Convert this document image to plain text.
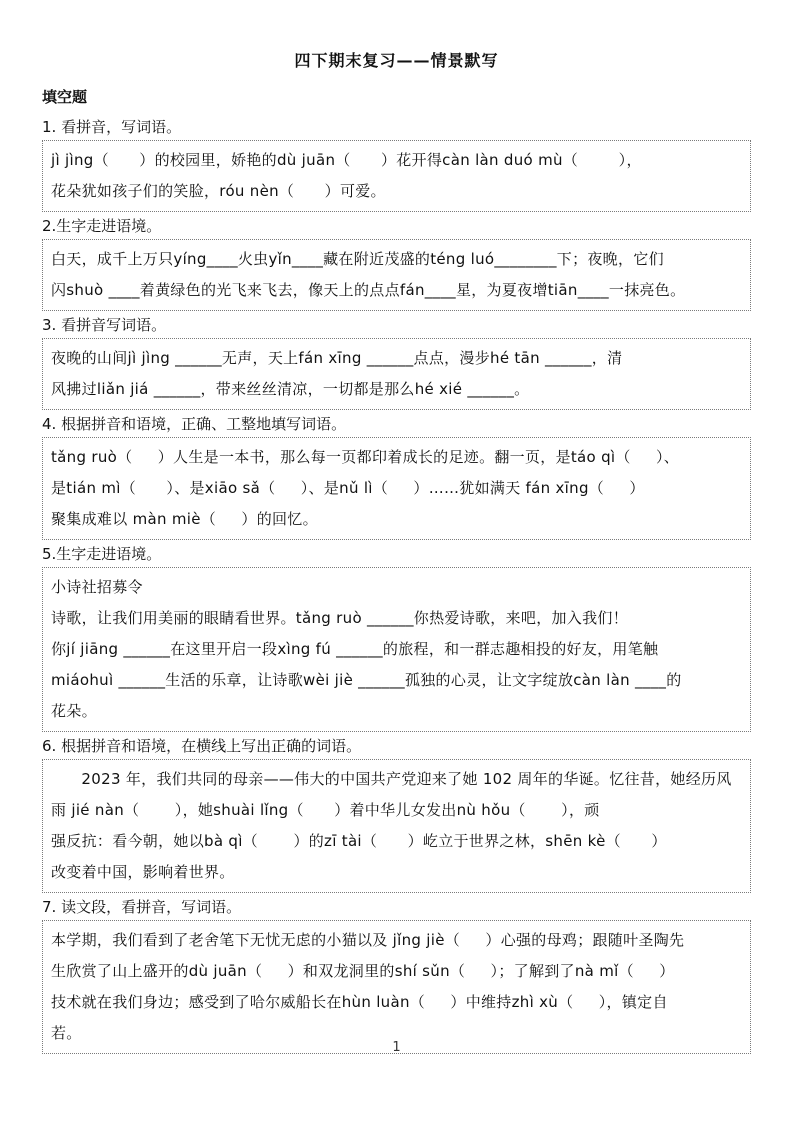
四下期末复习——情景默写
填空题
1. 看拼音，写词语。
jì jìng（      ）的校园里，娇艳的dù juān（      ）花开得càn làn duó mù（        ），
花朵犹如孩子们的笑脸，róu nèn（      ）可爱。
2.生字走进语境。
白天，成千上万只yíng____火虫yǐn____藏在附近茂盛的téng luó________下；夜晚，它们
闪shuò ____着黄绿色的光飞来飞去，像天上的点点fán____星，为夏夜增tiān____一抹亮色。
3. 看拼音写词语。
夜晚的山间jì jìng ______无声，天上fán xīng ______点点，漫步hé tān ______，清
风拂过liǎn jiá ______，带来丝丝清凉，一切都是那么hé xié ______。
4. 根据拼音和语境，正确、工整地填写词语。
tǎng ruò（     ）人生是一本书，那么每一页都印着成长的足迹。翻一页，是táo qì（     ）、
是tián mì（      ）、是xiāo sǎ（     ）、是nǔ lì（     ）……犹如满天 fán xīng（     ）
聚集成难以 màn miè（     ）的回忆。
5.生字走进语境。
小诗社招募令
诗歌，让我们用美丽的眼睛看世界。tǎng ruò ______你热爱诗歌，来吧，加入我们！
你jí jiāng ______在这里开启一段xìng fú ______的旅程，和一群志趣相投的好友，用笔触
miáohuì ______生活的乐章，让诗歌wèi jiè ______孤独的心灵，让文字绽放càn làn ____的
花朵。
6. 根据拼音和语境，在横线上写出正确的词语。
2023 年，我们共同的母亲——伟大的中国共产党迎来了她 102 周年的华诞。忆往昔，她经历风
雨 jié nàn（       ），她shuài lǐng（      ）着中华儿女发出nù hǒu（       ），顽
强反抗：看今朝，她以bà qì（       ）的zī tài（      ）屹立于世界之林，shēn kè（      ）
改变着中国，影响着世界。
7. 读文段，看拼音，写词语。
本学期，我们看到了老舍笔下无忧无虑的小猫以及 jǐng jiè（     ）心强的母鸡；跟随叶圣陶先
生欣赏了山上盛开的dù juān（     ）和双龙洞里的shí sǔn（     ）；了解到了nà mǐ（     ）
技术就在我们身边；感受到了哈尔威船长在hùn luàn（     ）中维持zhì xù（     ），镇定自
若。
1
